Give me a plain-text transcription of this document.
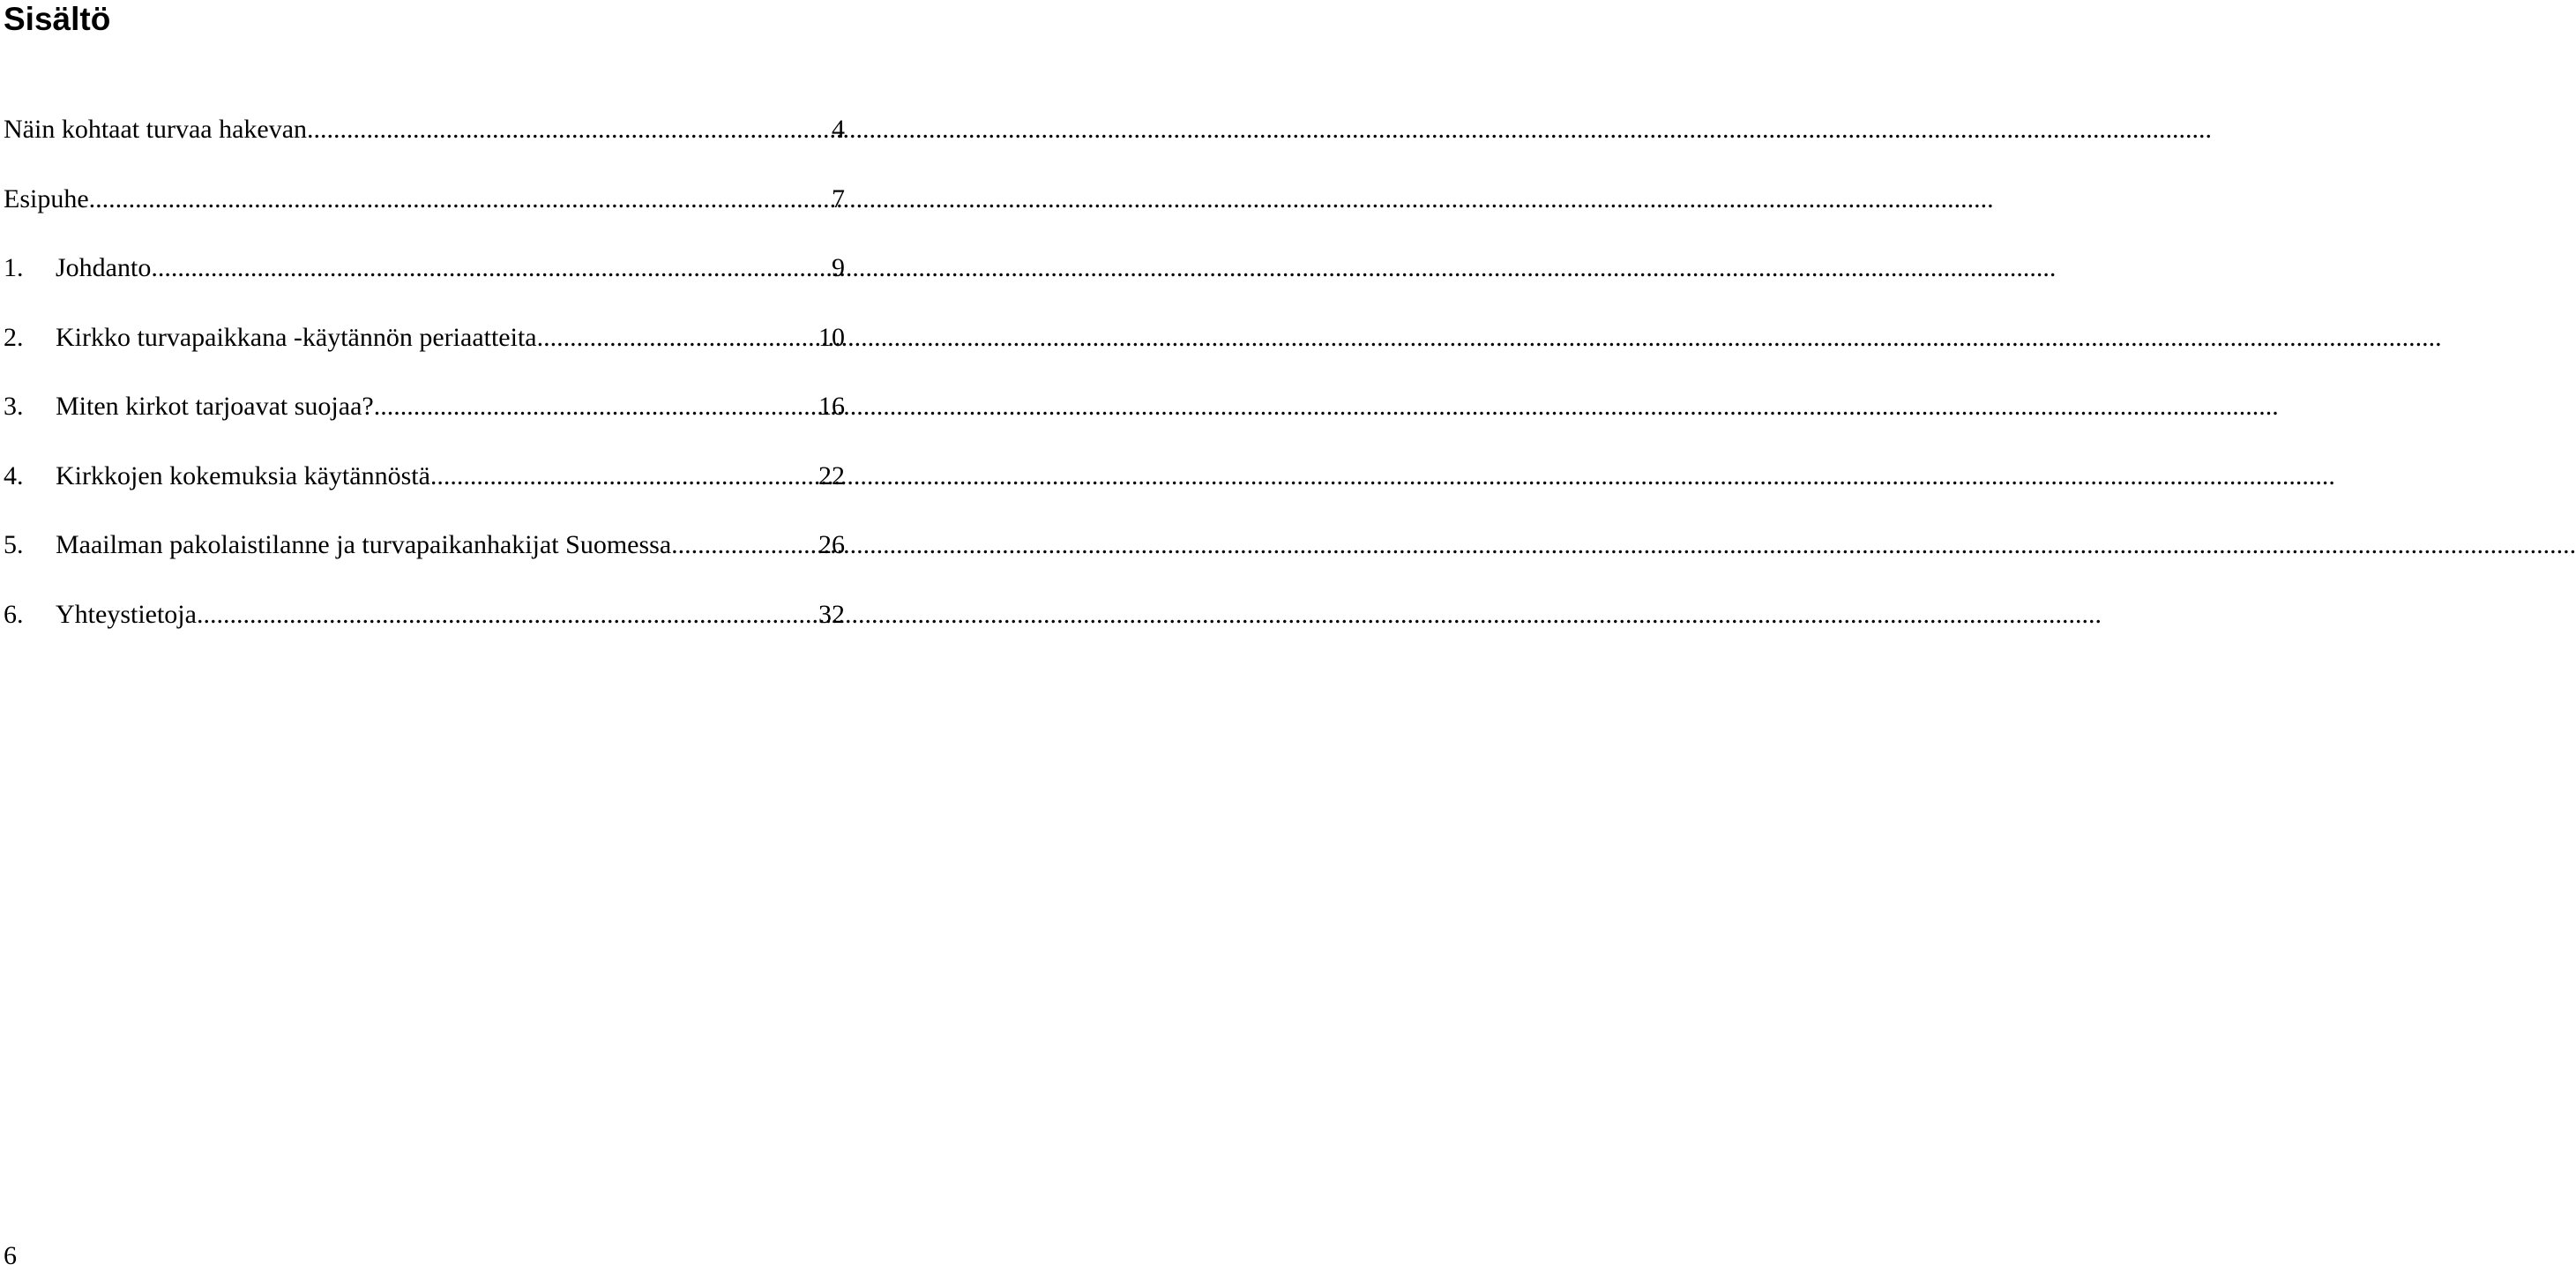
Sisältö
Näin kohtaat turvaa hakevan .....	4
Esipuhe .....	7
1.	Johdanto .....	9
2.	Kirkko turvapaikkana -käytännön periaatteita .....	10
3.	Miten kirkot tarjoavat suojaa? .....	16
4.	Kirkkojen kokemuksia käytännöstä .....	22
5.	Maailman pakolaistilanne ja turvapaikanhakijat Suomessa .....	26
6.	Yhteystietoja .....	32
6
